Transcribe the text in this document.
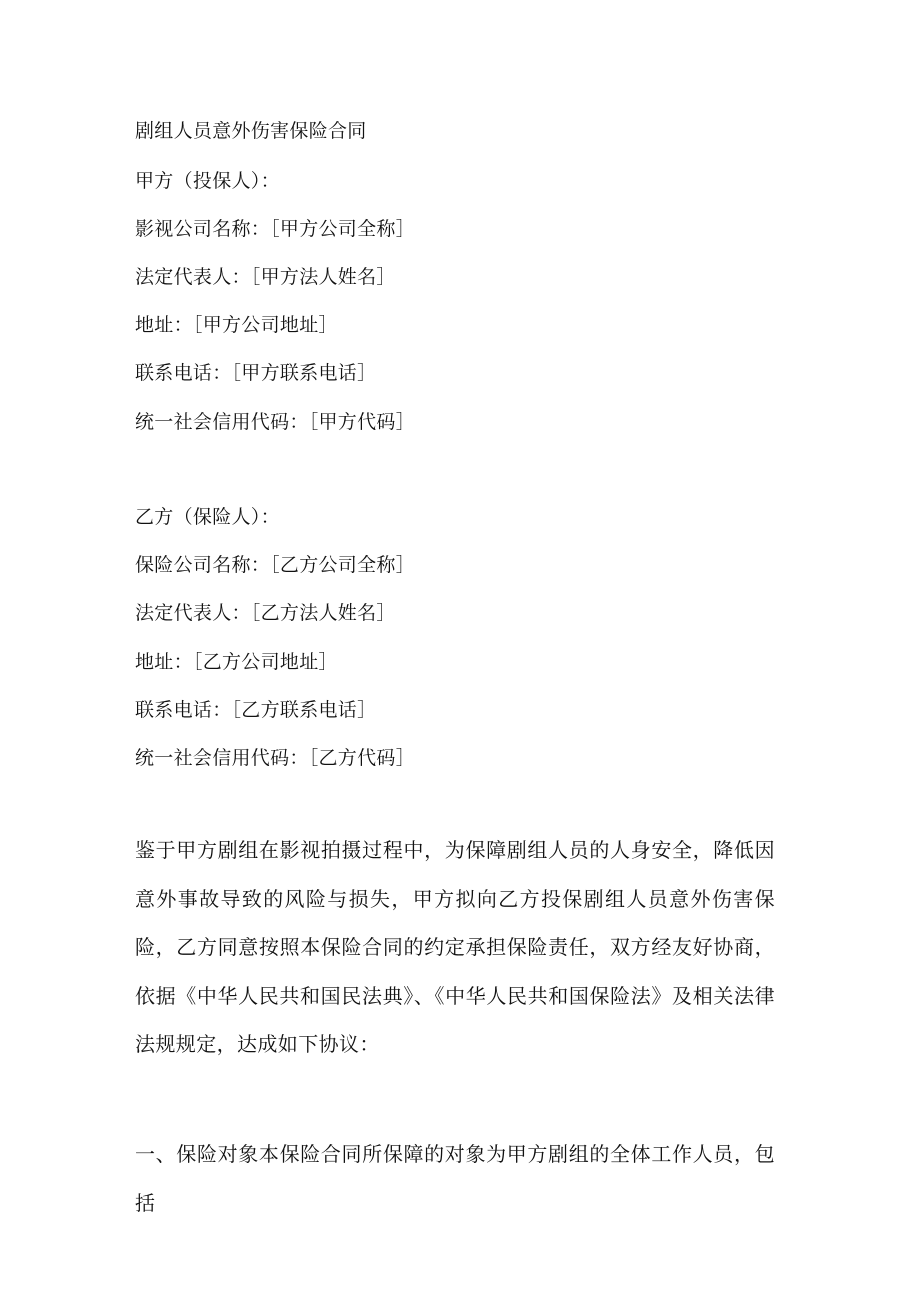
剧组人员意外伤害保险合同
甲方（投保人）：
影视公司名称：［甲方公司全称］
法定代表人：［甲方法人姓名］
地址：［甲方公司地址］
联系电话：［甲方联系电话］
统一社会信用代码：［甲方代码］
乙方（保险人）：
保险公司名称：［乙方公司全称］
法定代表人：［乙方法人姓名］
地址：［乙方公司地址］
联系电话：［乙方联系电话］
统一社会信用代码：［乙方代码］
鉴于甲方剧组在影视拍摄过程中，为保障剧组人员的人身安全，降低因意外事故导致的风险与损失，甲方拟向乙方投保剧组人员意外伤害保险，乙方同意按照本保险合同的约定承担保险责任，双方经友好协商，依据《中华人民共和国民法典》、《中华人民共和国保险法》及相关法律法规规定，达成如下协议：
一、保险对象本保险合同所保障的对象为甲方剧组的全体工作人员，包括
